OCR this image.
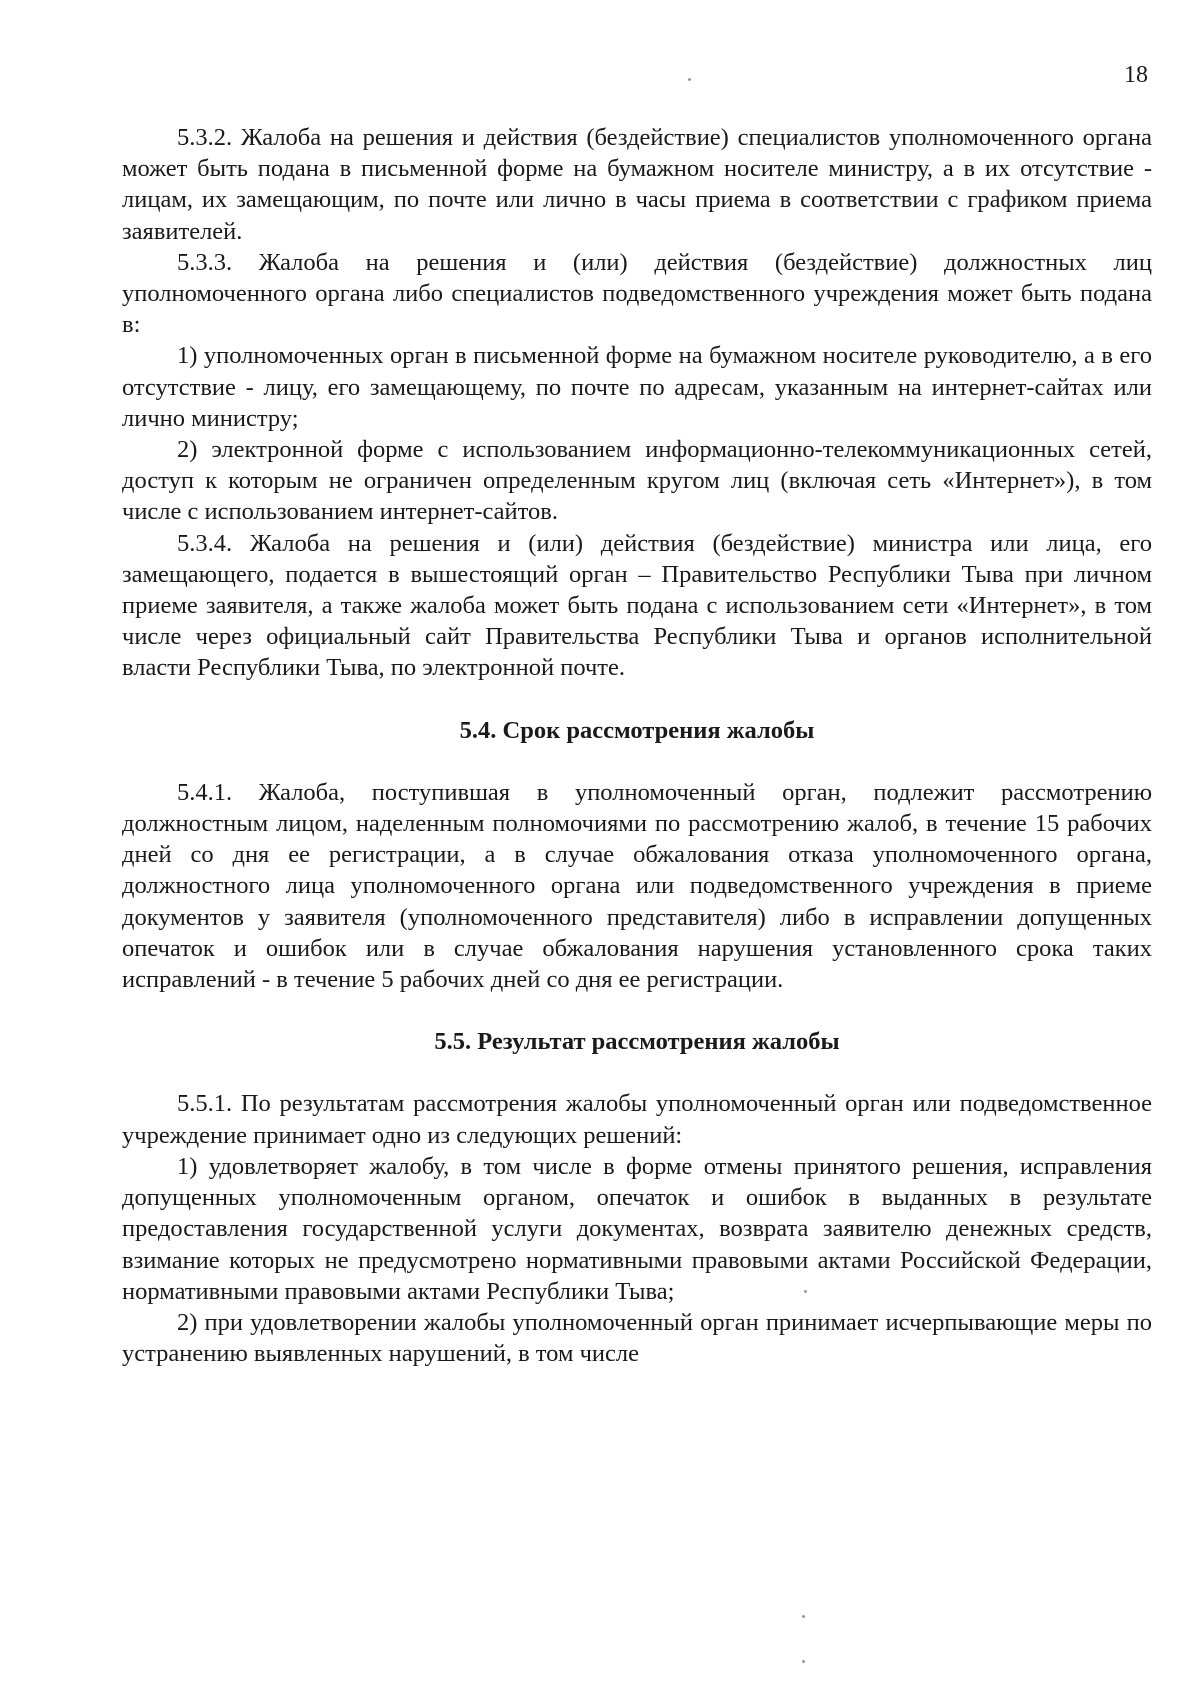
18

5.3.2. Жалоба на решения и действия (бездействие) специалистов уполномоченного органа может быть подана в письменной форме на бумажном носителе министру, а в их отсутствие - лицам, их замещающим, по почте или лично в часы приема в соответствии с графиком приема заявителей.

5.3.3. Жалоба на решения и (или) действия (бездействие) должностных лиц уполномоченного органа либо специалистов подведомственного учреждения может быть подана в:

1) уполномоченных орган в письменной форме на бумажном носителе руководителю, а в его отсутствие - лицу, его замещающему, по почте по адресам, указанным на интернет-сайтах или лично министру;

2) электронной форме с использованием информационно-телекоммуникационных сетей, доступ к которым не ограничен определенным кругом лиц (включая сеть «Интернет»), в том числе с использованием интернет-сайтов.

5.3.4. Жалоба на решения и (или) действия (бездействие) министра или лица, его замещающего, подается в вышестоящий орган – Правительство Республики Тыва при личном приеме заявителя, а также жалоба может быть подана с использованием сети «Интернет», в том числе через официальный сайт Правительства Республики Тыва и органов исполнительной власти Республики Тыва, по электронной почте.

5.4. Срок рассмотрения жалобы

5.4.1. Жалоба, поступившая в уполномоченный орган, подлежит рассмотрению должностным лицом, наделенным полномочиями по рассмотрению жалоб, в течение 15 рабочих дней со дня ее регистрации, а в случае обжалования отказа уполномоченного органа, должностного лица уполномоченного органа или подведомственного учреждения в приеме документов у заявителя (уполномоченного представителя) либо в исправлении допущенных опечаток и ошибок или в случае обжалования нарушения установленного срока таких исправлений - в течение 5 рабочих дней со дня ее регистрации.

5.5. Результат рассмотрения жалобы

5.5.1. По результатам рассмотрения жалобы уполномоченный орган или подведомственное учреждение принимает одно из следующих решений:

1) удовлетворяет жалобу, в том числе в форме отмены принятого решения, исправления допущенных уполномоченным органом, опечаток и ошибок в выданных в результате предоставления государственной услуги документах, возврата заявителю денежных средств, взимание которых не предусмотрено нормативными правовыми актами Российской Федерации, нормативными правовыми актами Республики Тыва;

2) при удовлетворении жалобы уполномоченный орган принимает исчерпывающие меры по устранению выявленных нарушений, в том числе
